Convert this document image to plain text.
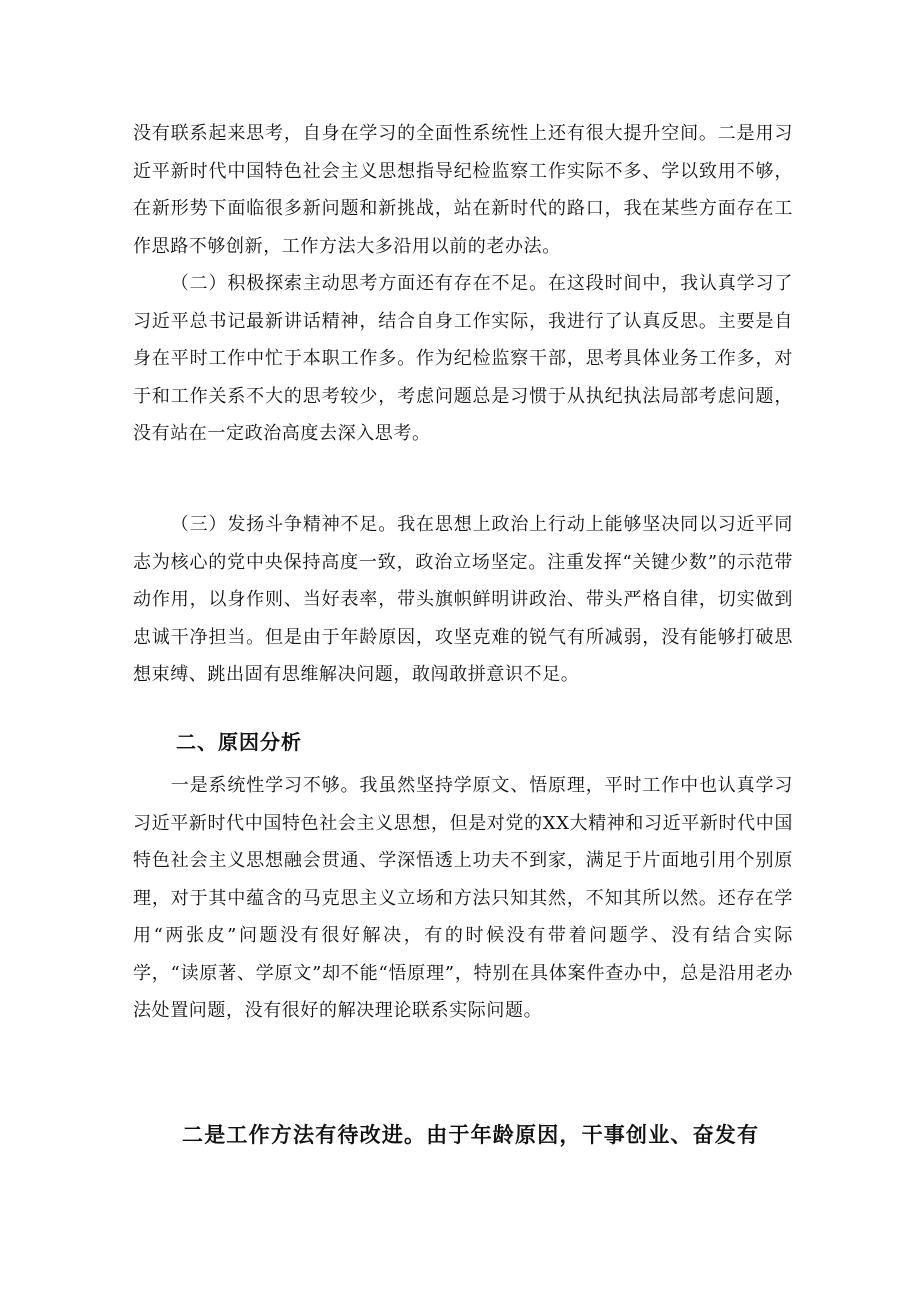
没有联系起来思考，自身在学习的全面性系统性上还有很大提升空间。二是用习近平新时代中国特色社会主义思想指导纪检监察工作实际不多、学以致用不够，在新形势下面临很多新问题和新挑战，站在新时代的路口，我在某些方面存在工作思路不够创新，工作方法大多沿用以前的老办法。

（二）积极探索主动思考方面还有存在不足。在这段时间中，我认真学习了习近平总书记最新讲话精神，结合自身工作实际，我进行了认真反思。主要是自身在平时工作中忙于本职工作多。作为纪检监察干部，思考具体业务工作多，对于和工作关系不大的思考较少，考虑问题总是习惯于从执纪执法局部考虑问题，没有站在一定政治高度去深入思考。

（三）发扬斗争精神不足。我在思想上政治上行动上能够坚决同以习近平同志为核心的党中央保持高度一致，政治立场坚定。注重发挥“关键少数”的示范带动作用，以身作则、当好表率，带头旗帜鲜明讲政治、带头严格自律，切实做到忠诚干净担当。但是由于年龄原因，攻坚克难的锐气有所减弱，没有能够打破思想束缚、跳出固有思维解决问题，敢闯敢拼意识不足。

二、原因分析

一是系统性学习不够。我虽然坚持学原文、悟原理，平时工作中也认真学习习近平新时代中国特色社会主义思想，但是对党的XX大精神和习近平新时代中国特色社会主义思想融会贯通、学深悟透上功夫不到家，满足于片面地引用个别原理，对于其中蕴含的马克思主义立场和方法只知其然，不知其所以然。还存在学用“两张皮”问题没有很好解决，有的时候没有带着问题学、没有结合实际学，“读原著、学原文”却不能“悟原理”，特别在具体案件查办中，总是沿用老办法处置问题，没有很好的解决理论联系实际问题。

二是工作方法有待改进。由于年龄原因，干事创业、奋发有
